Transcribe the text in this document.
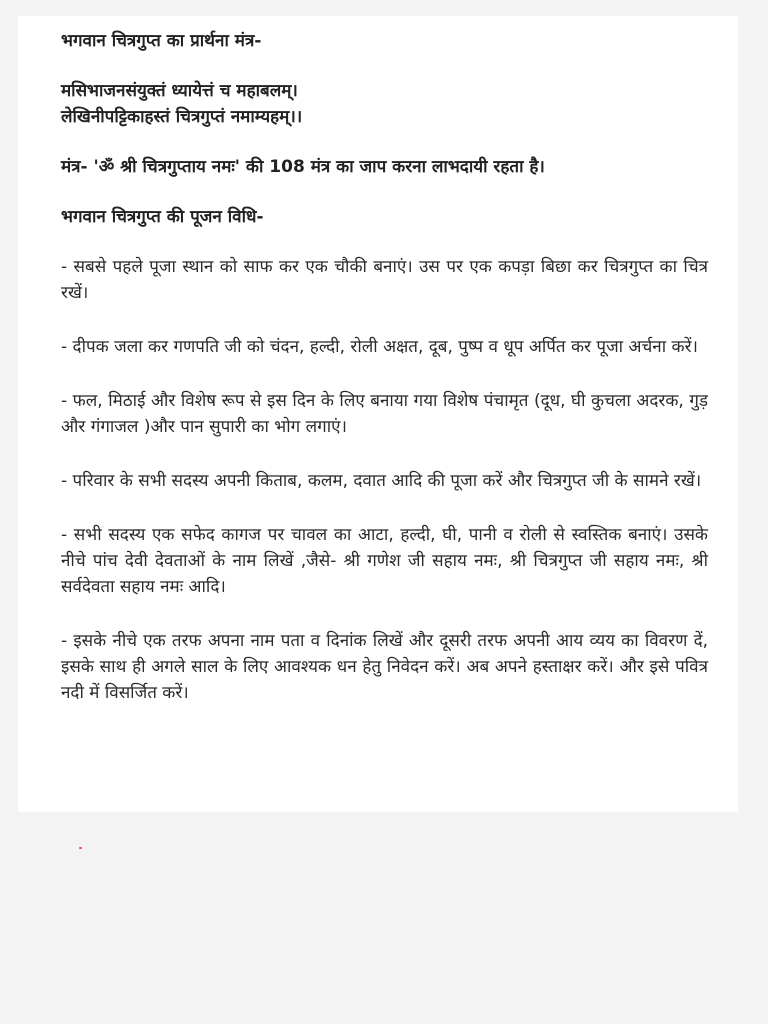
भगवान चित्रगुप्त का प्रार्थना मंत्र-

मसिभाजनसंयुक्तं ध्यायेत्तं च महाबलम्।
लेखिनीपट्टिकाहस्तं चित्रगुप्तं नमाम्यहम्।।

मंत्र- 'ॐ श्री चित्रगुप्ताय नमः' की 108 मंत्र का जाप करना लाभदायी रहता है।

भगवान चित्रगुप्त की पूजन विधि-

- सबसे पहले पूजा स्थान को साफ कर एक चौकी बनाएं। उस पर एक कपड़ा बिछा कर चित्रगुप्त का चित्र रखें।

- दीपक जला कर गणपति जी को चंदन, हल्दी, रोली अक्षत, दूब, पुष्प व धूप अर्पित कर पूजा अर्चना करें।

- फल, मिठाई और विशेष रूप से इस दिन के लिए बनाया गया विशेष पंचामृत (दूध, घी कुचला अदरक, गुड़ और गंगाजल )और पान सुपारी का भोग लगाएं।

- परिवार के सभी सदस्य अपनी किताब, कलम, दवात आदि की पूजा करें और चित्रगुप्त जी के सामने रखें।

- सभी सदस्य एक सफेद कागज पर चावल का आटा, हल्दी, घी, पानी व रोली से स्वस्तिक बनाएं। उसके नीचे पांच देवी देवताओं के नाम लिखें ,जैसे- श्री गणेश जी सहाय नमः, श्री चित्रगुप्त जी सहाय नमः, श्री सर्वदेवता सहाय नमः आदि।

- इसके नीचे एक तरफ अपना नाम पता व दिनांक लिखें और दूसरी तरफ अपनी आय व्यय का विवरण दें, इसके साथ ही अगले साल के लिए आवश्यक धन हेतु निवेदन करें। अब अपने हस्ताक्षर करें। और इसे पवित्र नदी में विसर्जित करें।
